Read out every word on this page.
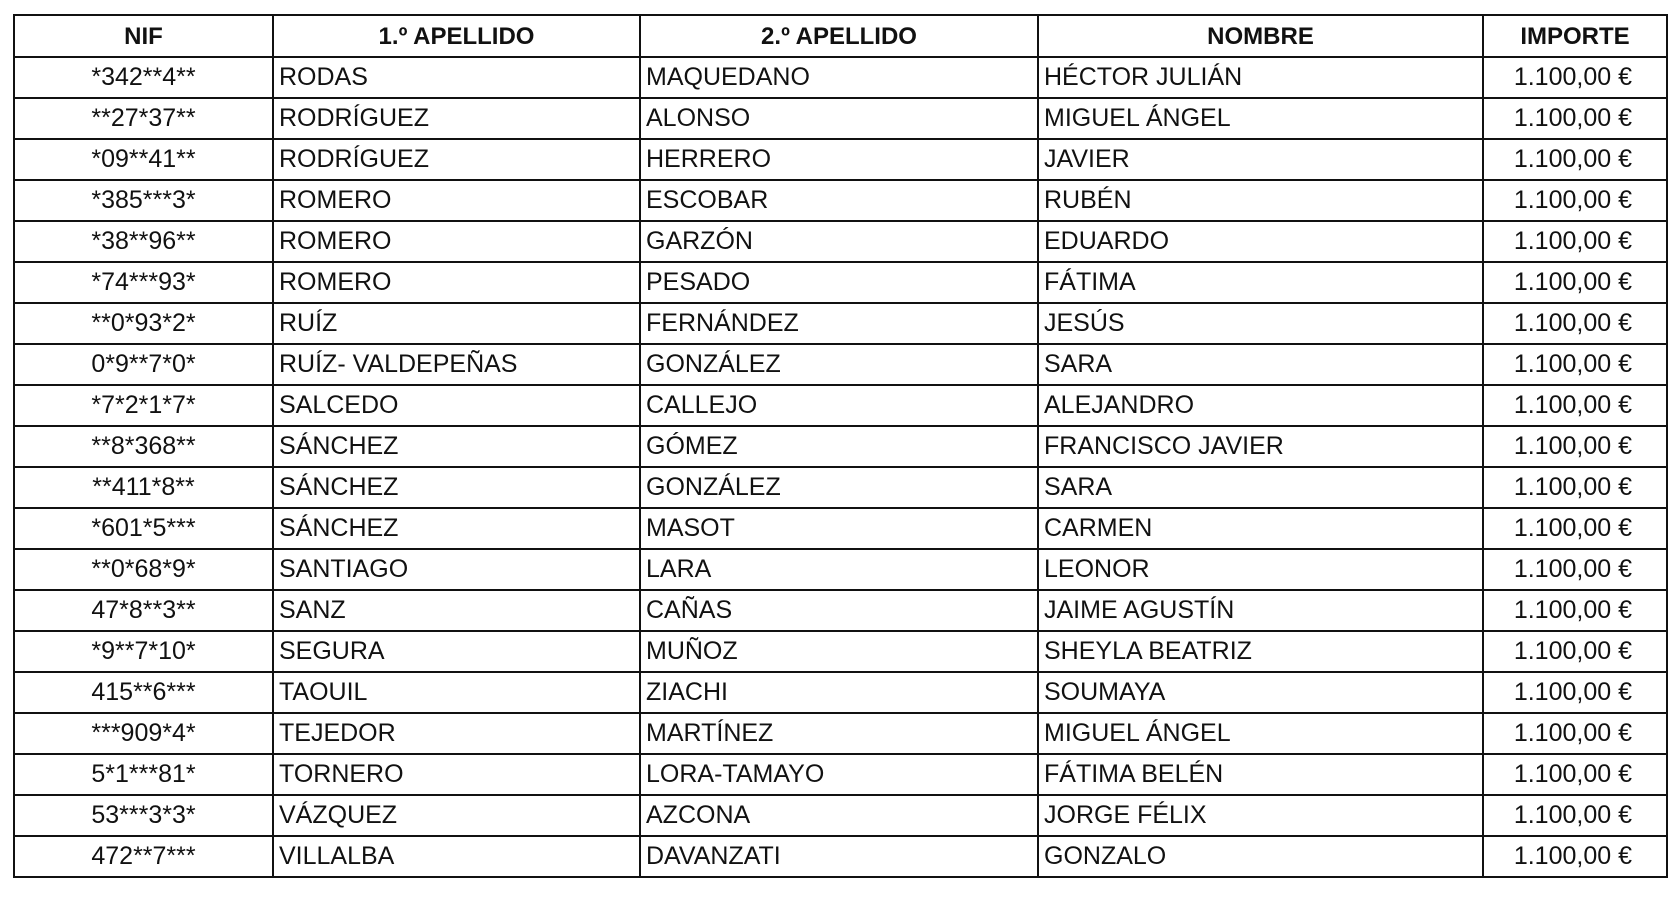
NIF	1.º APELLIDO	2.º APELLIDO	NOMBRE	IMPORTE
*342**4**	RODAS	MAQUEDANO	HÉCTOR JULIÁN	1.100,00 €
**27*37**	RODRÍGUEZ	ALONSO	MIGUEL ÁNGEL	1.100,00 €
*09**41**	RODRÍGUEZ	HERRERO	JAVIER	1.100,00 €
*385***3*	ROMERO	ESCOBAR	RUBÉN	1.100,00 €
*38**96**	ROMERO	GARZÓN	EDUARDO	1.100,00 €
*74***93*	ROMERO	PESADO	FÁTIMA	1.100,00 €
**0*93*2*	RUÍZ	FERNÁNDEZ	JESÚS	1.100,00 €
0*9**7*0*	RUÍZ- VALDEPEÑAS	GONZÁLEZ	SARA	1.100,00 €
*7*2*1*7*	SALCEDO	CALLEJO	ALEJANDRO	1.100,00 €
**8*368**	SÁNCHEZ	GÓMEZ	FRANCISCO JAVIER	1.100,00 €
**411*8**	SÁNCHEZ	GONZÁLEZ	SARA	1.100,00 €
*601*5***	SÁNCHEZ	MASOT	CARMEN	1.100,00 €
**0*68*9*	SANTIAGO	LARA	LEONOR	1.100,00 €
47*8**3**	SANZ	CAÑAS	JAIME AGUSTÍN	1.100,00 €
*9**7*10*	SEGURA	MUÑOZ	SHEYLA BEATRIZ	1.100,00 €
415**6***	TAOUIL	ZIACHI	SOUMAYA	1.100,00 €
***909*4*	TEJEDOR	MARTÍNEZ	MIGUEL ÁNGEL	1.100,00 €
5*1***81*	TORNERO	LORA-TAMAYO	FÁTIMA BELÉN	1.100,00 €
53***3*3*	VÁZQUEZ	AZCONA	JORGE FÉLIX	1.100,00 €
472**7***	VILLALBA	DAVANZATI	GONZALO	1.100,00 €
